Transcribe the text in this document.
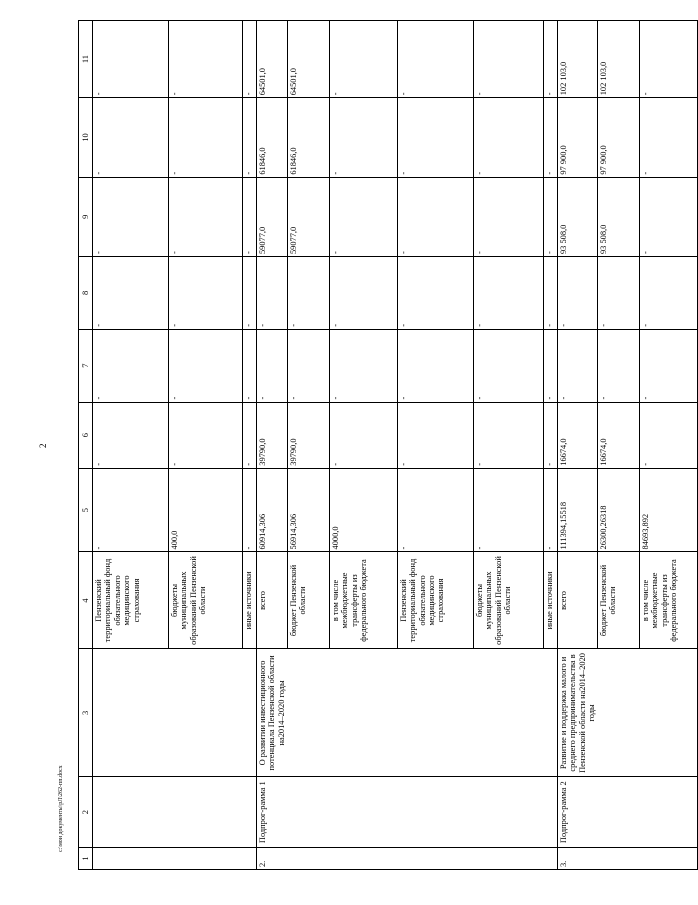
2
1	2	3	4	5	6	7	8	9	10	11
			Пензенский территориальный фонд обязательного медицинского страхования	-	-	-	-	-	-	-
			бюджеты муниципальных образований Пензенской области	400,0	-	-	-	-	-	-
			иные источники	-	-	-	-	-	-	-
2.	Подпрог-рамма 1	О развитии инвестиционного потенциала Пензенской области на2014–2020 годы	всего	60914,306	39790,0	-	-	59077,0	61846,0	64501,0
			бюджет Пензенской области	56914,306	39790,0	-	-	59077,0	61846,0	64501,0
			в том числе межбюджетные трансферты из федерального бюджета	4000,0	-	-	-	-	-	-
			Пензенский территориальный фонд обязательного медицинского страхования	-	-	-	-	-	-	-
			бюджеты муниципальных образований Пензенской области	-	-	-	-	-	-	-
			иные источники	-	-	-	-	-	-	-
3.	Подпрог-рамма 2	Развитие и поддержка малого и среднего предпринимательства в Пензенской области на2014–2020 годы	всего	111394,15518	16674,0	-	-	93 508,0	97 900,0	102 103,0
			бюджет Пензенской области	26300,26318	16674,0	-	-	93 508,0	97 900,0	102 103,0
			в том числе межбюджетные трансферты из федерального бюджета	84693,892	-	-	-	-	-	-
c:\мои документы\рЛ\262-пп.docx
